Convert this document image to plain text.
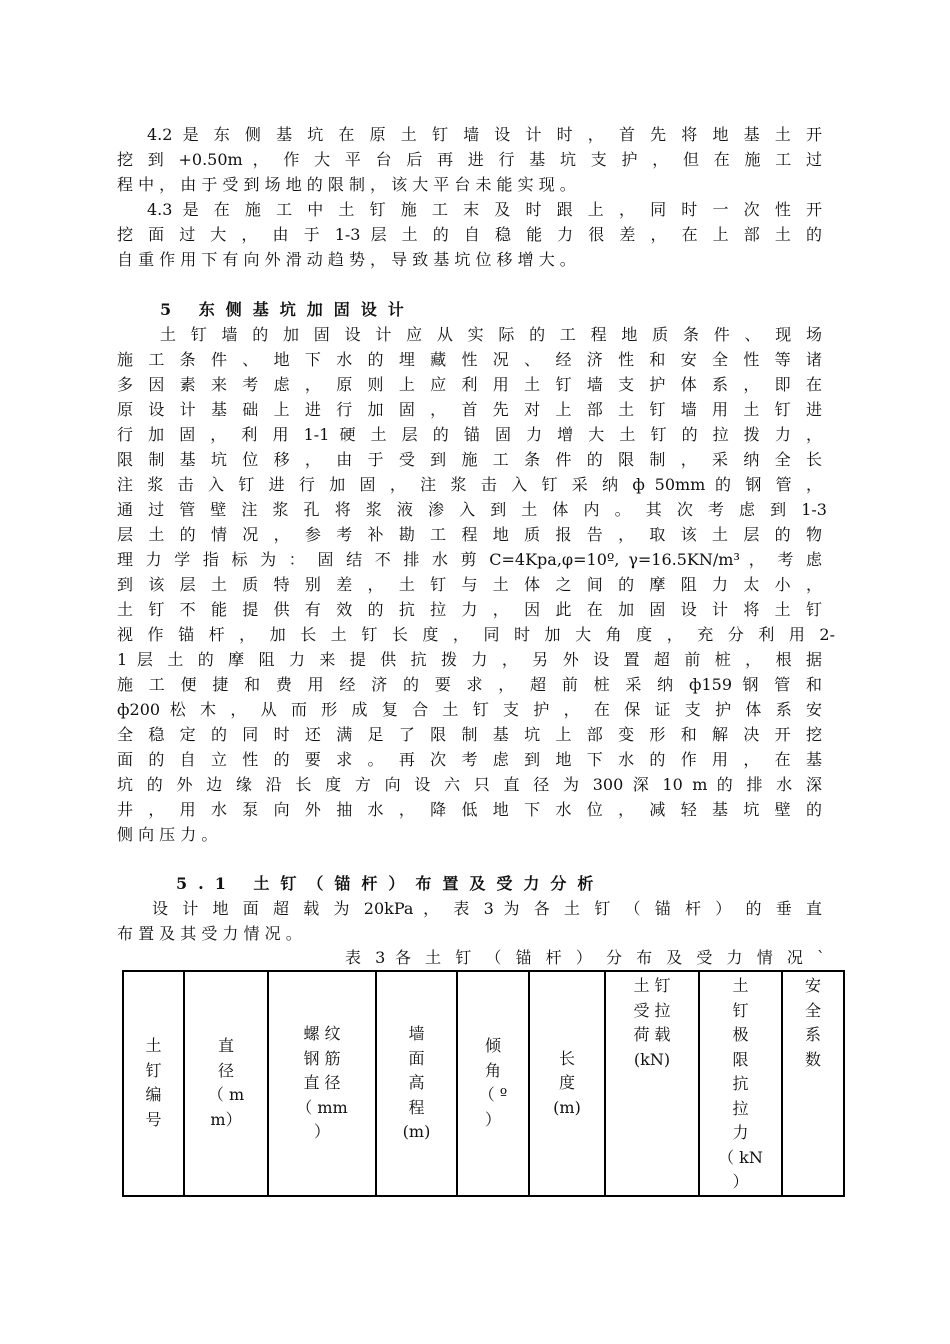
4.2 是 东 侧 基 坑 在 原 土 钉 墙 设 计 时 ， 首 先 将 地 基 土 开
挖 到 +0.50m ， 作 大 平 台 后 再 进 行 基 坑 支 护 ， 但 在 施 工 过
程 中 ， 由 于 受 到 场 地 的 限 制 ， 该 大 平 台 未 能 实 现 。
4.3 是 在 施 工 中 土 钉 施 工 末 及 时 跟 上 ， 同 时 一 次 性 开
挖 面 过 大 ， 由 于 1-3 层 土 的 自 稳 能 力 很 差 ， 在 上 部 土 的
自 重 作 用 下 有 向 外 滑 动 趋 势 ， 导 致 基 坑 位 移 增 大 。
5 东侧基坑加固设计
土 钉 墙 的 加 固 设 计 应 从 实 际 的 工 程 地 质 条 件 、 现 场
施 工 条 件 、 地 下 水 的 埋 藏 性 况 、 经 济 性 和 安 全 性 等 诸
多 因 素 来 考 虑 ， 原 则 上 应 利 用 土 钉 墙 支 护 体 系 ， 即 在
原 设 计 基 础 上 进 行 加 固 ， 首 先 对 上 部 土 钉 墙 用 土 钉 进
行 加 固 ， 利 用 1-1 硬 土 层 的 锚 固 力 增 大 土 钉 的 拉 拨 力 ，
限 制 基 坑 位 移 ， 由 于 受 到 施 工 条 件 的 限 制 ， 采 纳 全 长
注 浆 击 入 钉 进 行 加 固 ， 注 浆 击 入 钉 采 纳 ф 50mm 的 钢 管 ，
通 过 管 壁 注 浆 孔 将 浆 液 渗 入 到 土 体 内 。 其 次 考 虑 到 1-3
层 土 的 情 况 ， 参 考 补 勘 工 程 地 质 报 告 ， 取 该 土 层 的 物
理 力 学 指 标 为 ： 固 结 不 排 水 剪 C=4Kpa,φ=10º, γ=16.5KN/m³ ， 考 虑
到 该 层 土 质 特 别 差 ， 土 钉 与 土 体 之 间 的 摩 阻 力 太 小 ，
土 钉 不 能 提 供 有 效 的 抗 拉 力 ， 因 此 在 加 固 设 计 将 土 钉
视 作 锚 杆 ， 加 长 土 钉 长 度 ， 同 时 加 大 角 度 ， 充 分 利 用 2-
1 层 土 的 摩 阻 力 来 提 供 抗 拨 力 ， 另 外 设 置 超 前 桩 ， 根 据
施 工 便 捷 和 费 用 经 济 的 要 求 ， 超 前 桩 采 纳 ф159 钢 管 和
ф200 松 木 ， 从 而 形 成 复 合 土 钉 支 护 ， 在 保 证 支 护 体 系 安
全 稳 定 的 同 时 还 满 足 了 限 制 基 坑 上 部 变 形 和 解 决 开 挖
面 的 自 立 性 的 要 求 。 再 次 考 虑 到 地 下 水 的 作 用 ， 在 基
坑 的 外 边 缘 沿 长 度 方 向 设 六 只 直 径 为 300 深 10 m 的 排 水 深
井 ， 用 水 泵 向 外 抽 水 ， 降 低 地 下 水 位 ， 减 轻 基 坑 壁 的
侧 向 压 力 。
5.1 土钉（锚杆）布置及受力分析
设 计 地 面 超 载 为 20kPa ， 表 3 为 各 土 钉 （ 锚 杆 ） 的 垂 直
布 置 及 其 受 力 情 况 。
表 3 各 土 钉 （ 锚 杆 ） 分 布 及 受 力 情 况 `
土
钉
编
号	直
径
（ m
m）	螺 纹
钢 筋
直 径
（ mm
）	墙
面
高
程
(m)	倾
角
（ º
）	长
度
(m)	土 钉
受 拉
荷 载
(kN)	土
钉
极
限
抗
拉
力
（ kN
）	安
全
系
数
